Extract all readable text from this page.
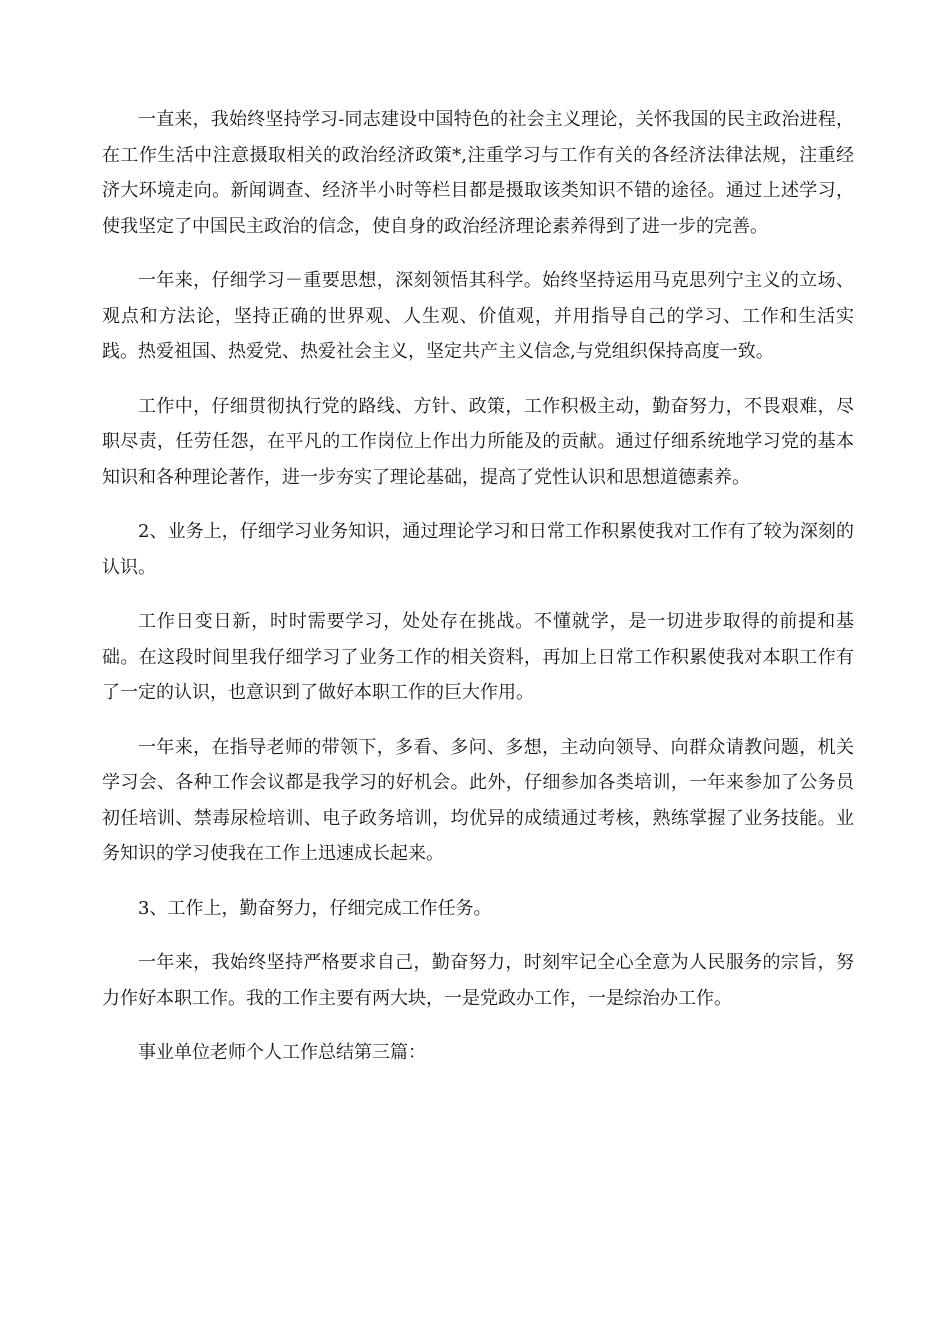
一直来，我始终坚持学习-同志建设中国特色的社会主义理论，关怀我国的民主政治进程，在工作生活中注意摄取相关的政治经济政策*,注重学习与工作有关的各经济法律法规，注重经济大环境走向。新闻调查、经济半小时等栏目都是摄取该类知识不错的途径。通过上述学习，使我坚定了中国民主政治的信念，使自身的政治经济理论素养得到了进一步的完善。

一年来，仔细学习－重要思想，深刻领悟其科学。始终坚持运用马克思列宁主义的立场、观点和方法论，坚持正确的世界观、人生观、价值观，并用指导自己的学习、工作和生活实践。热爱祖国、热爱党、热爱社会主义，坚定共产主义信念,与党组织保持高度一致。

工作中，仔细贯彻执行党的路线、方针、政策，工作积极主动，勤奋努力，不畏艰难，尽职尽责，任劳任怨，在平凡的工作岗位上作出力所能及的贡献。通过仔细系统地学习党的基本知识和各种理论著作，进一步夯实了理论基础，提高了党性认识和思想道德素养。

2、业务上，仔细学习业务知识，通过理论学习和日常工作积累使我对工作有了较为深刻的认识。

工作日变日新，时时需要学习，处处存在挑战。不懂就学，是一切进步取得的前提和基础。在这段时间里我仔细学习了业务工作的相关资料，再加上日常工作积累使我对本职工作有了一定的认识，也意识到了做好本职工作的巨大作用。

一年来，在指导老师的带领下，多看、多问、多想，主动向领导、向群众请教问题，机关学习会、各种工作会议都是我学习的好机会。此外，仔细参加各类培训，一年来参加了公务员初任培训、禁毒尿检培训、电子政务培训，均优异的成绩通过考核，熟练掌握了业务技能。业务知识的学习使我在工作上迅速成长起来。

3、工作上，勤奋努力，仔细完成工作任务。

一年来，我始终坚持严格要求自己，勤奋努力，时刻牢记全心全意为人民服务的宗旨，努力作好本职工作。我的工作主要有两大块，一是党政办工作，一是综治办工作。

事业单位老师个人工作总结第三篇：
